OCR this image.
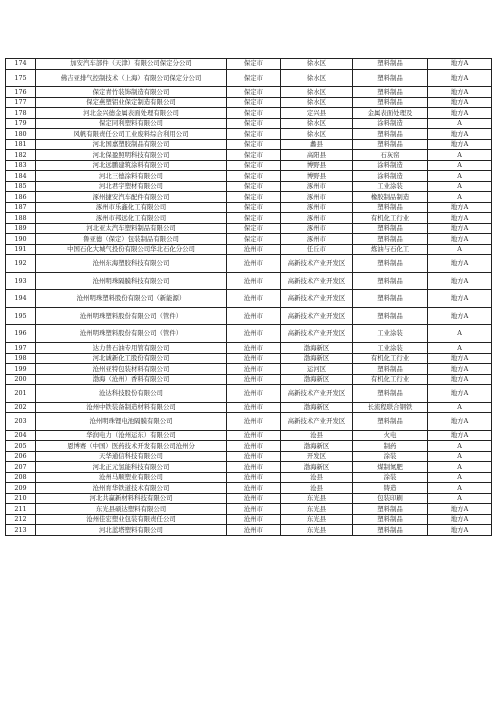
174	加安汽车部件（天津）有限公司保定分公司	保定市	徐水区	塑料制品	地方A
175	佛吉亚排气控制技术（上海）有限公司保定分公司	保定市	徐水区	塑料制品	地方A
176	保定青竹装饰制造有限公司	保定市	徐水区	塑料制品	地方A
177	保定燕塑铝业保定制造有限公司	保定市	徐水区	塑料制品	地方A
178	河北金兴德金属表面处理有限公司	保定市	定兴县	金属表面处理及	地方A
179	保定同利塑料有限公司	保定市	徐水区	涂料制造	A
180	风帆有限责任公司工业废料综合利用公司	保定市	徐水区	塑料制品	地方A
181	河北国嘉塑胶制品有限公司	保定市	蠡县	塑料制品	地方A
182	河北保盈照明科技有限公司	保定市	高阳县	石灰窑	A
183	河北远鹏建筑涂料有限公司	保定市	博野县	涂料制造	A
184	河北三德涂料有限公司	保定市	博野县	涂料制造	A
185	河北君宇塑材有限公司	保定市	涿州市	工业涂装	A
186	涿州捷安汽车配件有限公司	保定市	涿州市	橡胶制品制造	A
187	涿州市乐鑫化工有限公司	保定市	涿州市	塑料制品	地方A
188	涿州市邦远化工有限公司	保定市	涿州市	有机化工行业	地方A
189	河北亚太汽车塑料制品有限公司	保定市	涿州市	塑料制品	地方A
190	鲁亚德（保定）包装制品有限公司	保定市	涿州市	塑料制品	地方A
191	中国石化大城气投份有限公司华北石化分公司	沧州市	任丘市	炼油与石化工	A
192	沧州东海塑胶科技有限公司	沧州市	高新技术产业开发区	塑料制品	地方A
193	沧州明珠隔膜科技有限公司	沧州市	高新技术产业开发区	塑料制品	地方A
194	沧州明珠塑料股份有限公司（新能源）	沧州市	高新技术产业开发区	塑料制品	地方A
195	沧州明珠塑料股份有限公司（管件）	沧州市	高新技术产业开发区	塑料制品	地方A
196	沧州明珠塑料股份有限公司（管件）	沧州市	高新技术产业开发区	工业涂装	A
197	达力普石油专用管有限公司	沧州市	渤海新区	工业涂装	A
198	河北诚新化工股份有限公司	沧州市	渤海新区	有机化工行业	地方A
199	沧州亚特包装材料有限公司	沧州市	运河区	塑料制品	地方A
200	渤海（沧州）香料有限公司	沧州市	渤海新区	有机化工行业	地方A
201	沧达科技股份有限公司	沧州市	高新技术产业开发区	塑料制品	地方A
202	沧州中铁装备制造材料有限公司	沧州市	渤海新区	长流程联合钢铁	A
203	沧州明珠锂电池隔膜有限公司	沧州市	高新技术产业开发区	塑料制品	地方A
204	华润电力（沧州运东）有限公司	沧州市	沧县	火电	地方A
205	恩博赛（中国）医药技术开发有限公司沧州分	沧州市	渤海新区	制药	A
206	天华通信科技有限公司	沧州市	开发区	涂装	A
207	河北正元氢能科技有限公司	沧州市	渤海新区	煤制氮肥	A
208	沧州马顺塑业有限公司	沧州市	沧县	涂装	A
209	沧州育华铁道技术有限公司	沧州市	沧县	铸造	A
210	河北共赢新材料科技有限公司	沧州市	东光县	包装印刷	A
211	东光县硕达塑料有限公司	沧州市	东光县	塑料制品	地方A
212	沧州佳宏塑业包装有限责任公司	沧州市	东光县	塑料制品	地方A
213	河北蓝塔塑料有限公司	沧州市	东光县	塑料制品	地方A
